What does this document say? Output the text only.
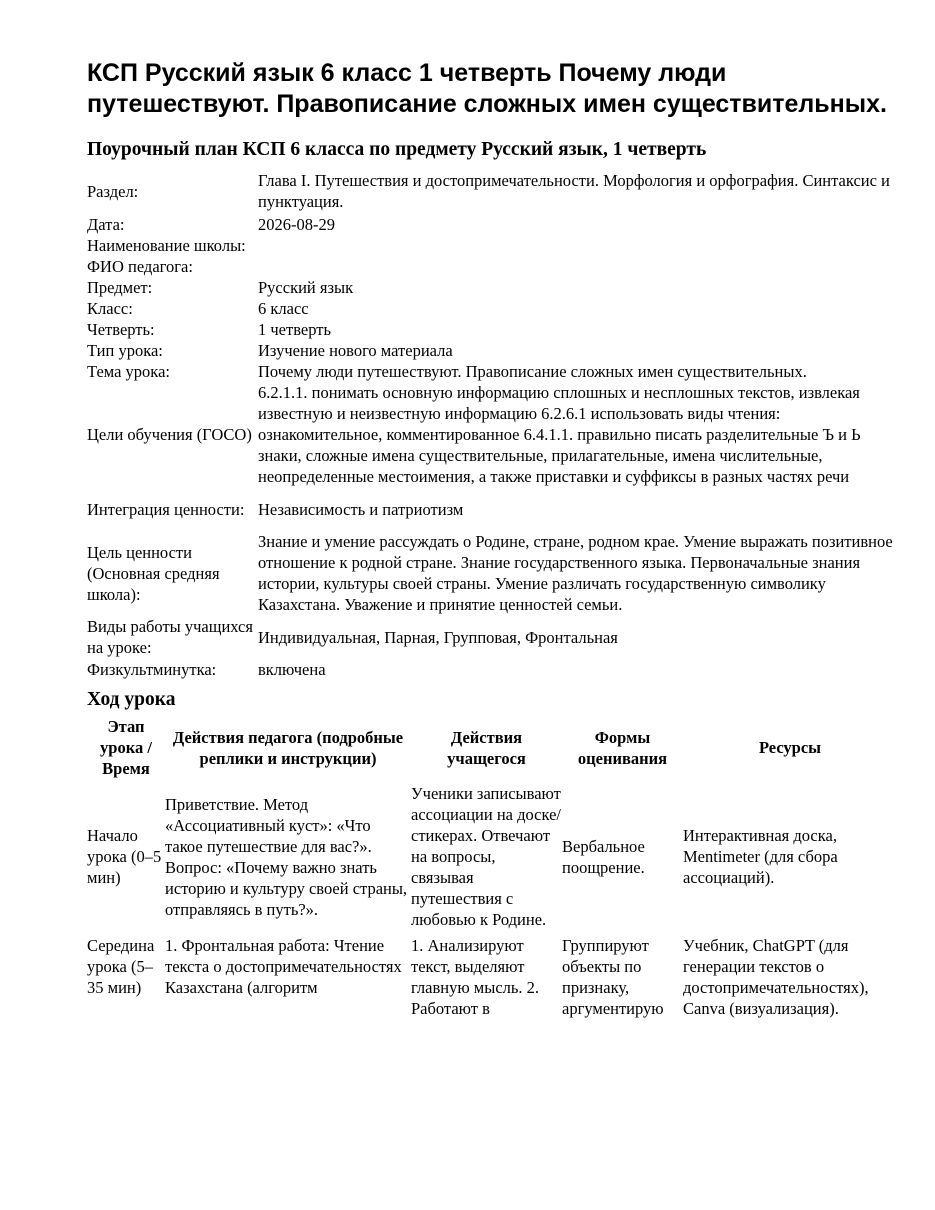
КСП Русский язык 6 класс 1 четверть Почему люди путешествуют. Правописание сложных имен существительных.
Поурочный план КСП 6 класса по предмету Русский язык, 1 четверть
Раздел:	Глава I. Путешествия и достопримечательности. Морфология и орфография. Синтаксис и пунктуация.
Дата:	2026-08-29
Наименование школы:	
ФИО педагога:	
Предмет:	Русский язык
Класс:	6 класс
Четверть:	1 четверть
Тип урока:	Изучение нового материала
Тема урока:	Почему люди путешествуют. Правописание сложных имен существительных.
Цели обучения (ГОСО)	6.2.1.1. понимать основную информацию сплошных и несплошных текстов, извлекая известную и неизвестную информацию 6.2.6.1 использовать виды чтения: ознакомительное, комментированное 6.4.1.1. правильно писать разделительные Ъ и Ь знаки, сложные имена существительные, прилагательные, имена числительные, неопределенные местоимения, а также приставки и суффиксы в разных частях речи
Интеграция ценности:	Независимость и патриотизм
Цель ценности (Основная средняя школа):	Знание и умение рассуждать о Родине, стране, родном крае. Умение выражать позитивное отношение к родной стране. Знание государственного языка. Первоначальные знания истории, культуры своей страны. Умение различать государственную символику Казахстана. Уважение и принятие ценностей семьи.
Виды работы учащихся на уроке:	Индивидуальная, Парная, Групповая, Фронтальная
Физкультминутка:	включена
Ход урока
Этап урока / Время	Действия педагога (подробные реплики и инструкции)	Действия учащегося	Формы оценивания	Ресурсы
Начало урока (0–5 мин)	Приветствие. Метод «Ассоциативный куст»: «Что такое путешествие для вас?». Вопрос: «Почему важно знать историю и культуру своей страны, отправляясь в путь?».	Ученики записывают ассоциации на доске/стикерах. Отвечают на вопросы, связывая путешествия с любовью к Родине.	Вербальное поощрение.	Интерактивная доска, Mentimeter (для сбора ассоциаций).
Середина урока (5–35 мин)	1. Фронтальная работа: Чтение текста о достопримечательностях Казахстана (алгоритм	1. Анализируют текст, выделяют главную мысль. 2. Работают в	Группируют объекты по признаку, аргументирую	Учебник, ChatGPT (для генерации текстов о достопримечательностях), Canva (визуализация).
